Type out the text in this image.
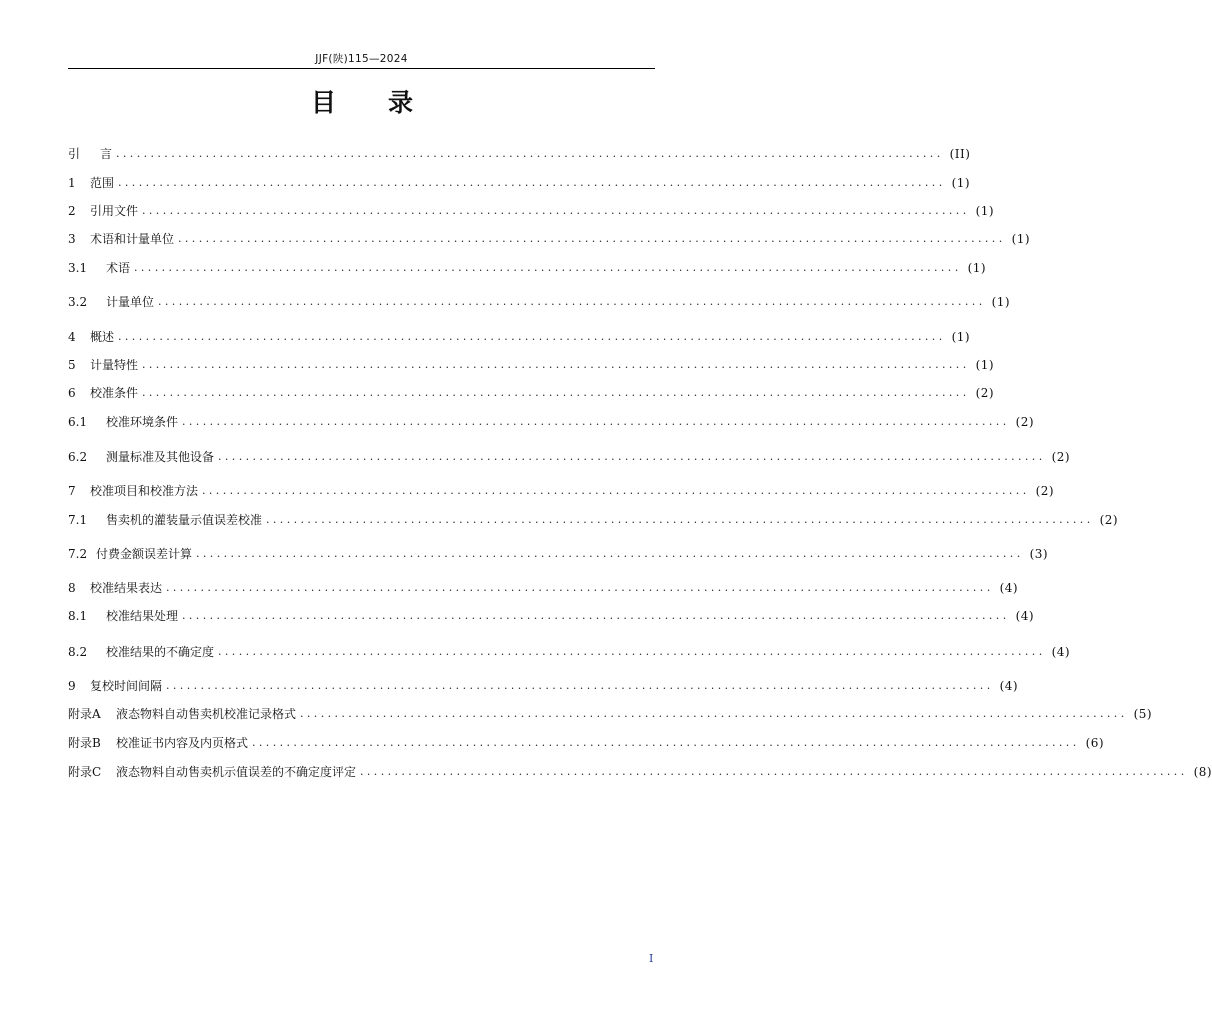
JJF(陕)115—2024
目 录
引 言 ........................................................................................................................ (II)
1 范围 ........................................................................................................................ (1)
2 引用文件 ........................................................................................................................ (1)
3 术语和计量单位 ........................................................................................................................ (1)
3.1 术语 ........................................................................................................................ (1)
3.2 计量单位 ........................................................................................................................ (1)
4 概述 ........................................................................................................................ (1)
5 计量特性 ........................................................................................................................ (1)
6 校准条件 ........................................................................................................................ (2)
6.1 校准环境条件 ........................................................................................................................ (2)
6.2 测量标准及其他设备 ........................................................................................................................ (2)
7 校准项目和校准方法 ........................................................................................................................ (2)
7.1 售卖机的灌装量示值误差校准 ........................................................................................................................ (2)
7.2 付费金额误差计算 ........................................................................................................................ (3)
8 校准结果表达 ........................................................................................................................ (4)
8.1 校准结果处理 ........................................................................................................................ (4)
8.2 校准结果的不确定度 ........................................................................................................................ (4)
9 复校时间间隔 ........................................................................................................................ (4)
附录A 液态物料自动售卖机校准记录格式 ........................................................................................................................ (5)
附录B 校准证书内容及内页格式 ........................................................................................................................ (6)
附录C 液态物料自动售卖机示值误差的不确定度评定 ........................................................................................................................ (8)
I
